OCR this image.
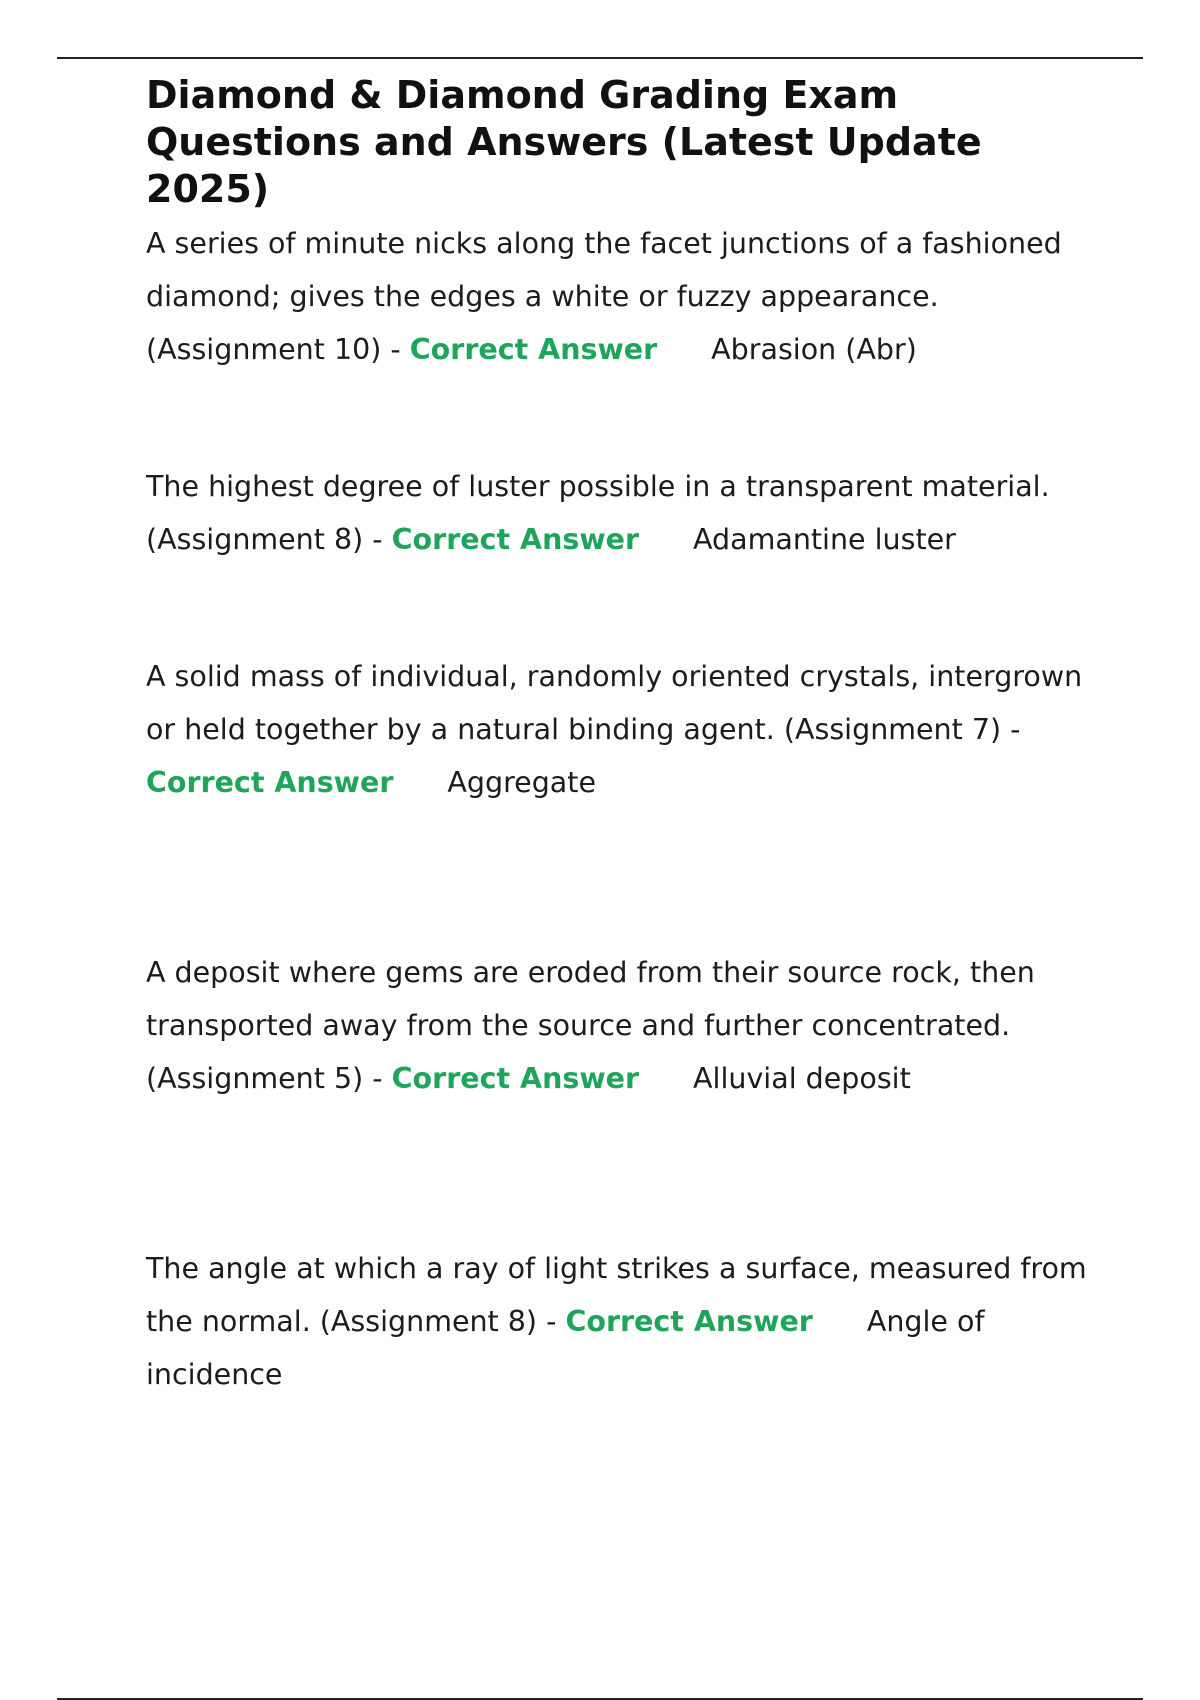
Diamond & Diamond Grading Exam Questions and Answers (Latest Update 2025)

A series of minute nicks along the facet junctions of a fashioned diamond; gives the edges a white or fuzzy appearance. (Assignment 10) - Correct Answer Abrasion (Abr)

The highest degree of luster possible in a transparent material. (Assignment 8) - Correct Answer Adamantine luster

A solid mass of individual, randomly oriented crystals, intergrown or held together by a natural binding agent. (Assignment 7) - Correct Answer Aggregate

A deposit where gems are eroded from their source rock, then transported away from the source and further concentrated. (Assignment 5) - Correct Answer Alluvial deposit

The angle at which a ray of light strikes a surface, measured from the normal. (Assignment 8) - Correct Answer Angle of incidence
